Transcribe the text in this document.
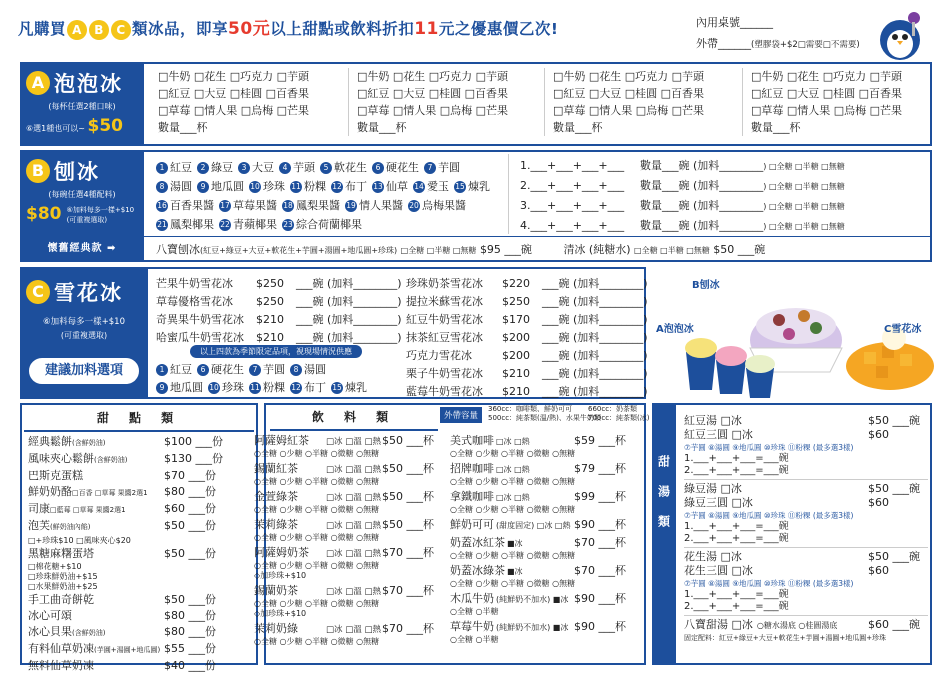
凡購買 A B C 類冰品，即享50元以上甜點或飲料折扣11元之優惠價乙次!	內用桌號______
外帶______(塑膠袋+$2□需要□不需要)
A 泡泡冰
(每杯任選2種口味)
⑥選1種也可以~ $50
□牛奶 □花生 □巧克力 □芋頭
□紅豆 □大豆 □桂圓 □百香果
□草莓 □情人果 □烏梅 □芒果
數量___杯
□牛奶 □花生 □巧克力 □芋頭
□紅豆 □大豆 □桂圓 □百香果
□草莓 □情人果 □烏梅 □芒果
數量___杯
□牛奶 □花生 □巧克力 □芋頭
□紅豆 □大豆 □桂圓 □百香果
□草莓 □情人果 □烏梅 □芒果
數量___杯
□牛奶 □花生 □巧克力 □芋頭
□紅豆 □大豆 □桂圓 □百香果
□草莓 □情人果 □烏梅 □芒果
數量___杯
B 刨冰
(每碗任選4種配料)
$80 ⑥加料每多一樣+$10 (可重複選取)
懷舊經典款 ➡
1 紅豆 2 綠豆 3 大豆 4 芋頭 5 軟花生 6 硬花生 7 芋圓
8 湯圓 9 地瓜圓 10 珍珠 11 粉粿 12 布丁 13 仙草 14 愛玉 15 煉乳
16 百香果醬 17 草莓果醬 18 鳳梨果醬 19 情人果醬 20 烏梅果醬
21 鳳梨椰果 22 青蘋椰果 23 綜合荷蘭椰果
1.___+___+___+___ 數量___碗 (加料________) □全糖 □半糖 □無糖
2.___+___+___+___ 數量___碗 (加料________) □全糖 □半糖 □無糖
3.___+___+___+___ 數量___碗 (加料________) □全糖 □半糖 □無糖
4.___+___+___+___ 數量___碗 (加料________) □全糖 □半糖 □無糖
八寶刨冰(紅豆+綠豆+大豆+軟花生+芋圓+湯圓+地瓜圓+珍珠) □全糖 □半糖 □無糖 $95 ___碗	清冰 (純糖水) □全糖 □半糖 □無糖 $50 ___碗
C 雪花冰
⑥加料每多一樣+$10
(可重複選取)
建議加料選項
芒果牛奶雪花冰 $250 ___碗 (加料________)
草莓優格雪花冰 $250 ___碗 (加料________)
奇異果牛奶雪花冰 $210 ___碗 (加料________)
哈蜜瓜牛奶雪花冰 $210 ___碗 (加料________)
珍珠奶茶雪花冰 $220 ___碗 (加料________)
提拉米蘇雪花冰 $250 ___碗 (加料________)
紅豆牛奶雪花冰 $170 ___碗 (加料________)
抹茶紅豆雪花冰 $200 ___碗 (加料________)
巧克力雪花冰	$200 ___碗 (加料________)
栗子牛奶雪花冰 $210 ___碗 (加料________)
藍莓牛奶雪花冰 $210 ___碗 (加料________)
以上四款為季節限定品項，視現場情況供應
1 紅豆 6 硬花生 7 芋圓 8 湯圓
9 地瓜圓 10 珍珠 11 粉粿 12 布丁 15 煉乳
B刨冰
A泡泡冰	C雪花冰
甜 點 類
經典鬆餅(含鮮奶油)	$100 ___份
風味夾心鬆餅(含鮮奶油)	$130 ___份
巴斯克蛋糕	$70 ___份
鮮奶奶酪□百香 □草莓 果醬2選1 $80 ___份
司康□藍莓 □草莓 果醬2選1	$60 ___份
泡芙(鮮奶油內餡)	$50 ___份
□+珍珠$10 □風味夾心$20
黑糖麻糬蛋塔	$50 ___份
□棉花糖+$10
□珍珠鮮奶油+$15
□水果鮮奶油+$25
手工曲奇餅乾	$50 ___份
冰心可頌	$80 ___份
冰心貝果(含鮮奶油)	$80 ___份
有料仙草奶凍(芋圓+湯圓+地瓜圓) $55 ___份
無料仙草奶凍	$40 ___份
飲 料 類	外帶容量
360cc：咖啡類、鮮奶可可 660cc：奶茶類
500cc：純茶類(溫/熱)、水果牛奶類700cc：純茶類(冰)
阿薩姆紅茶 □冰 □溫 □熱$50 ___杯
○全糖 ○少糖 ○半糖 ○微糖 ○無糖
錫蘭紅茶	□冰 □溫 □熱$50 ___杯
○全糖 ○少糖 ○半糖 ○微糖 ○無糖
金萱綠茶	□冰 □溫 □熱$50 ___杯
○全糖 ○少糖 ○半糖 ○微糖 ○無糖
茉莉綠茶	□冰 □溫 □熱$50 ___杯
○全糖 ○少糖 ○半糖 ○微糖 ○無糖
阿薩姆奶茶 □冰 □溫 □熱$70 ___杯
○全糖 ○少糖 ○半糖 ○微糖 ○無糖
◇加珍珠+$10
錫蘭奶茶	□冰 □溫 □熱$70 ___杯
○全糖 ○少糖 ○半糖 ○微糖 ○無糖
◇加珍珠+$10
茉莉奶綠	□冰 □溫 □熱$70 ___杯
○全糖 ○少糖 ○半糖 ○微糖 ○無糖
美式咖啡 □冰 □熱	$59 ___杯
○全糖 ○少糖 ○半糖 ○微糖 ○無糖
招牌咖啡 □冰 □熱	$79 ___杯
○全糖 ○少糖 ○半糖 ○微糖 ○無糖
拿鐵咖啡 □冰 □熱	$99 ___杯
○全糖 ○少糖 ○半糖 ○微糖 ○無糖
鮮奶可可 (甜度固定) □冰 □熱 $90 ___杯
奶蓋冰紅茶 ■冰	$70 ___杯
○全糖 ○少糖 ○半糖 ○微糖 ○無糖
奶蓋冰綠茶 ■冰	$70 ___杯
○全糖 ○少糖 ○半糖 ○微糖 ○無糖
木瓜牛奶 (純鮮奶不加水) ■冰 $90 ___杯
○全糖 ○半糖
草莓牛奶 (純鮮奶不加水) ■冰 $90 ___杯
○全糖 ○半糖
甜湯類
紅豆湯 □冰	$50 ___碗
紅豆三圓 □冰	$60
⑦芋圓 ⑧湯圓 ⑨地瓜圓 ⑩珍珠 ⑪粉粿 (最多選3樣)
1.___+___+___=___碗
2.___+___+___=___碗
綠豆湯 □冰	$50 ___碗
綠豆三圓 □冰	$60
⑦芋圓 ⑧湯圓 ⑨地瓜圓 ⑩珍珠 ⑪粉粿 (最多選3樣)
1.___+___+___=___碗
2.___+___+___=___碗
花生湯 □冰	$50 ___碗
花生三圓 □冰	$60
⑦芋圓 ⑧湯圓 ⑨地瓜圓 ⑩珍珠 ⑪粉粿 (最多選3樣)
1.___+___+___=___碗
2.___+___+___=___碗
八寶甜湯 □冰 ○糖水湯底 ○桂圓湯底	$60 ___碗
固定配料：紅豆+綠豆+大豆+軟花生+芋圓+湯圓+地瓜圓+珍珠
